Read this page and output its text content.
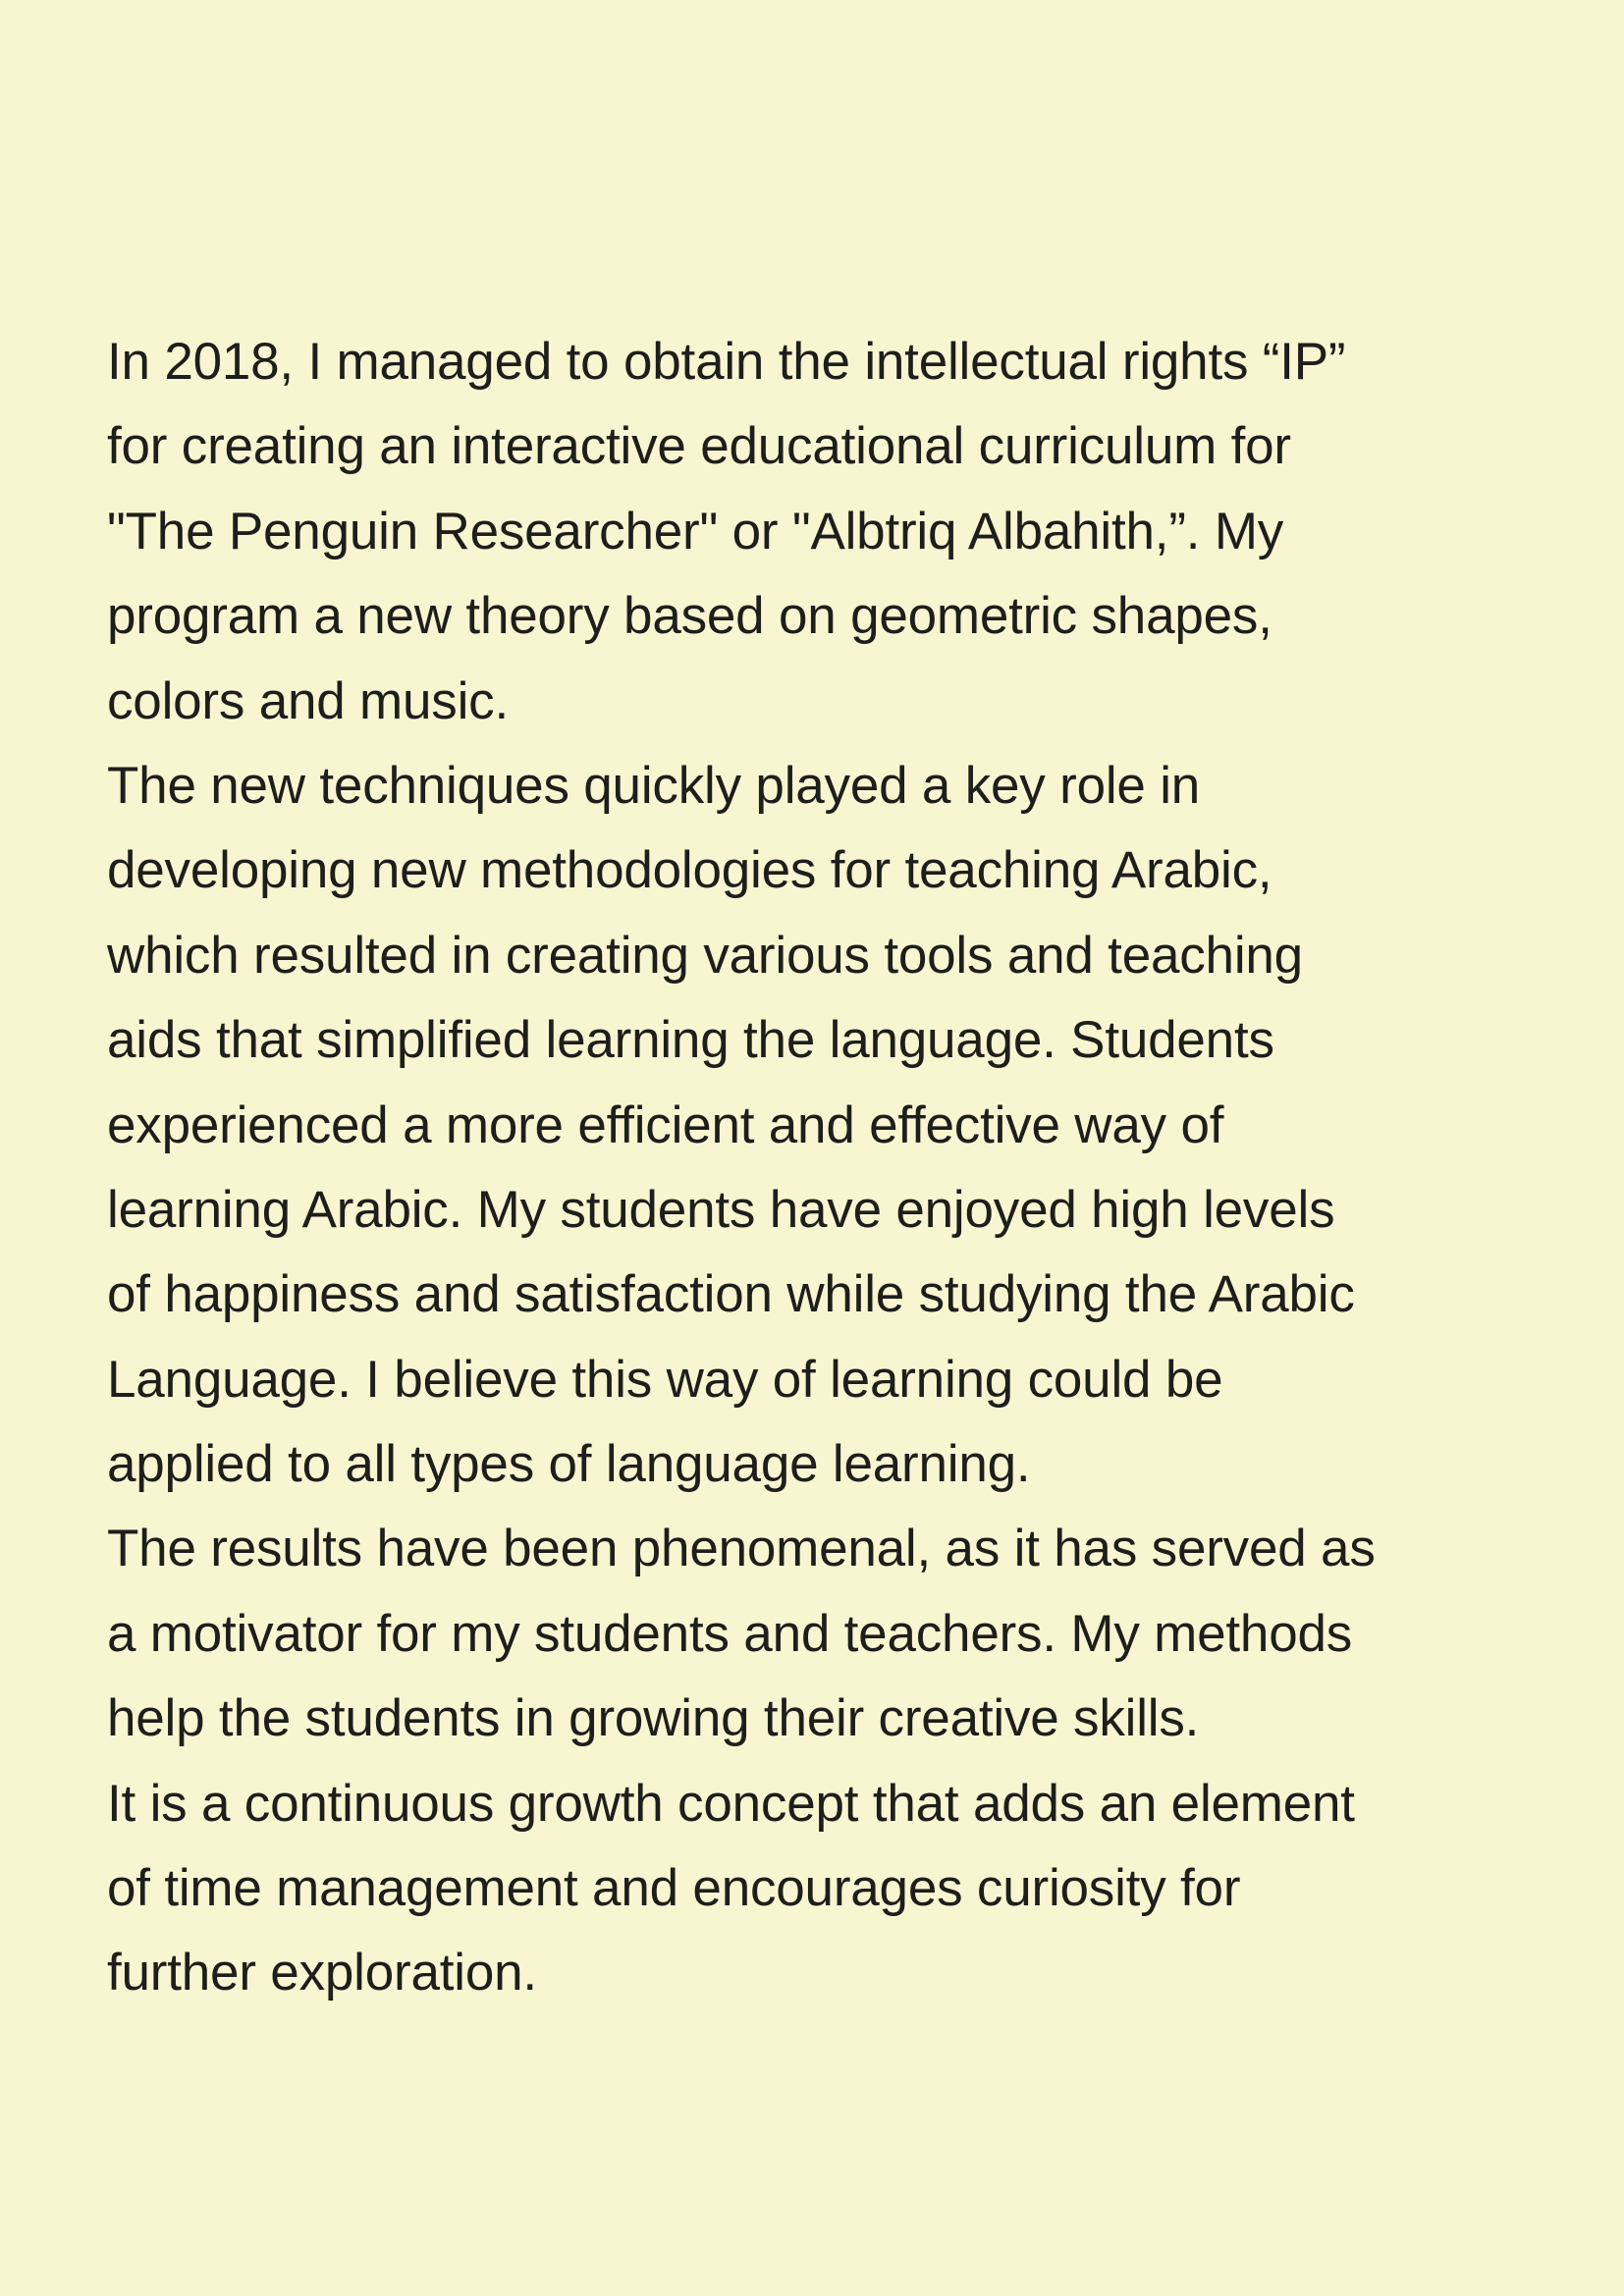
In 2018, I managed to obtain the intellectual rights “IP”
for creating an interactive educational curriculum for
"The Penguin Researcher" or "Albtriq Albahith,”. My
program a new theory based on geometric shapes,
colors and music.
The new techniques quickly played a key role in
developing new methodologies for teaching Arabic,
which resulted in creating various tools and teaching
aids that simplified learning the language. Students
experienced a more efficient and effective way of
learning Arabic. My students have enjoyed high levels
of happiness and satisfaction while studying the Arabic
Language. I believe this way of learning could be
applied to all types of language learning.
The results have been phenomenal, as it has served as
a motivator for my students and teachers. My methods
help the students in growing their creative skills.
It is a continuous growth concept that adds an element
of time management and encourages curiosity for
further exploration.
